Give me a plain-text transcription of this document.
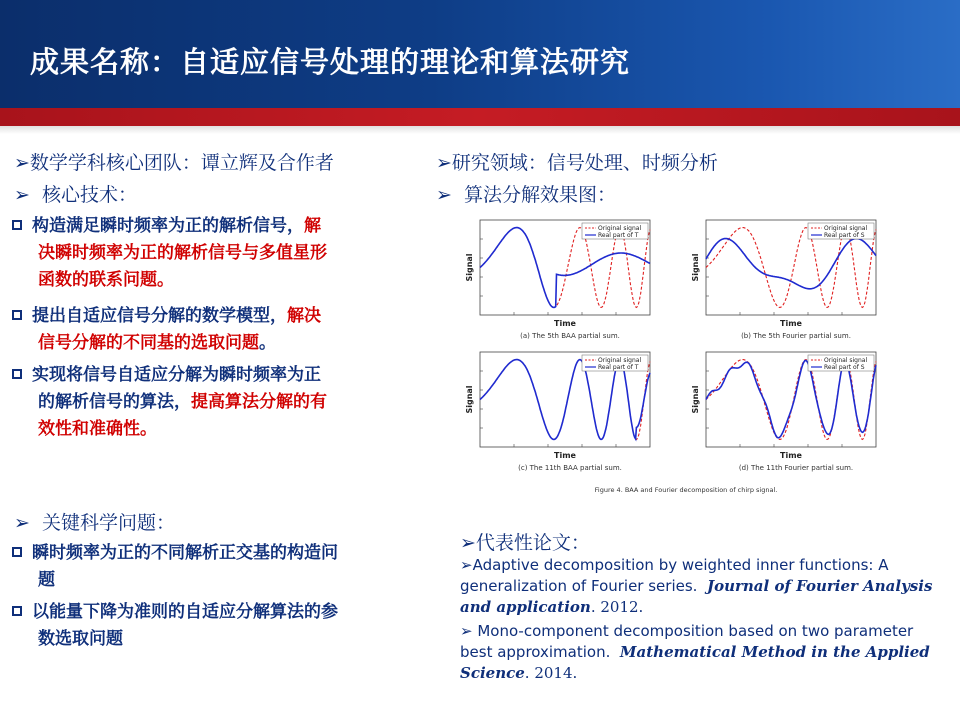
成果名称：自适应信号处理的理论和算法研究
➢数学学科核心团队：谭立辉及合作者
➢ 核心技术：
构造满足瞬时频率为正的解析信号，解
决瞬时频率为正的解析信号与多值星形
函数的联系问题。
提出自适应信号分解的数学模型，解决
信号分解的不同基的选取问题。
实现将信号自适应分解为瞬时频率为正
的解析信号的算法，提高算法分解的有
效性和准确性。
➢ 关键科学问题：
瞬时频率为正的不同解析正交基的构造问
题
以能量下降为准则的自适应分解算法的参
数选取问题
➢研究领域：信号处理、时频分析
➢ 算法分解效果图：
Original signal
Real part of T
Time
Signal
(a) The 5th BAA partial sum.
Original signal
Real part of S
Time
Signal
(b) The 5th Fourier partial sum.
Original signal
Real part of T
Time
Signal
(c) The 11th BAA partial sum.
Original signal
Real part of S
Time
Signal
(d) The 11th Fourier partial sum.
Figure 4. BAA and Fourier decomposition of chirp signal.
➢代表性论文：
➢Adaptive decomposition by weighted inner functions: A
generalization of Fourier series. Journal of Fourier Analysis
and application. 2012.
➢ Mono-component decomposition based on two parameter
best approximation. Mathematical Method in the Applied
Science. 2014.
